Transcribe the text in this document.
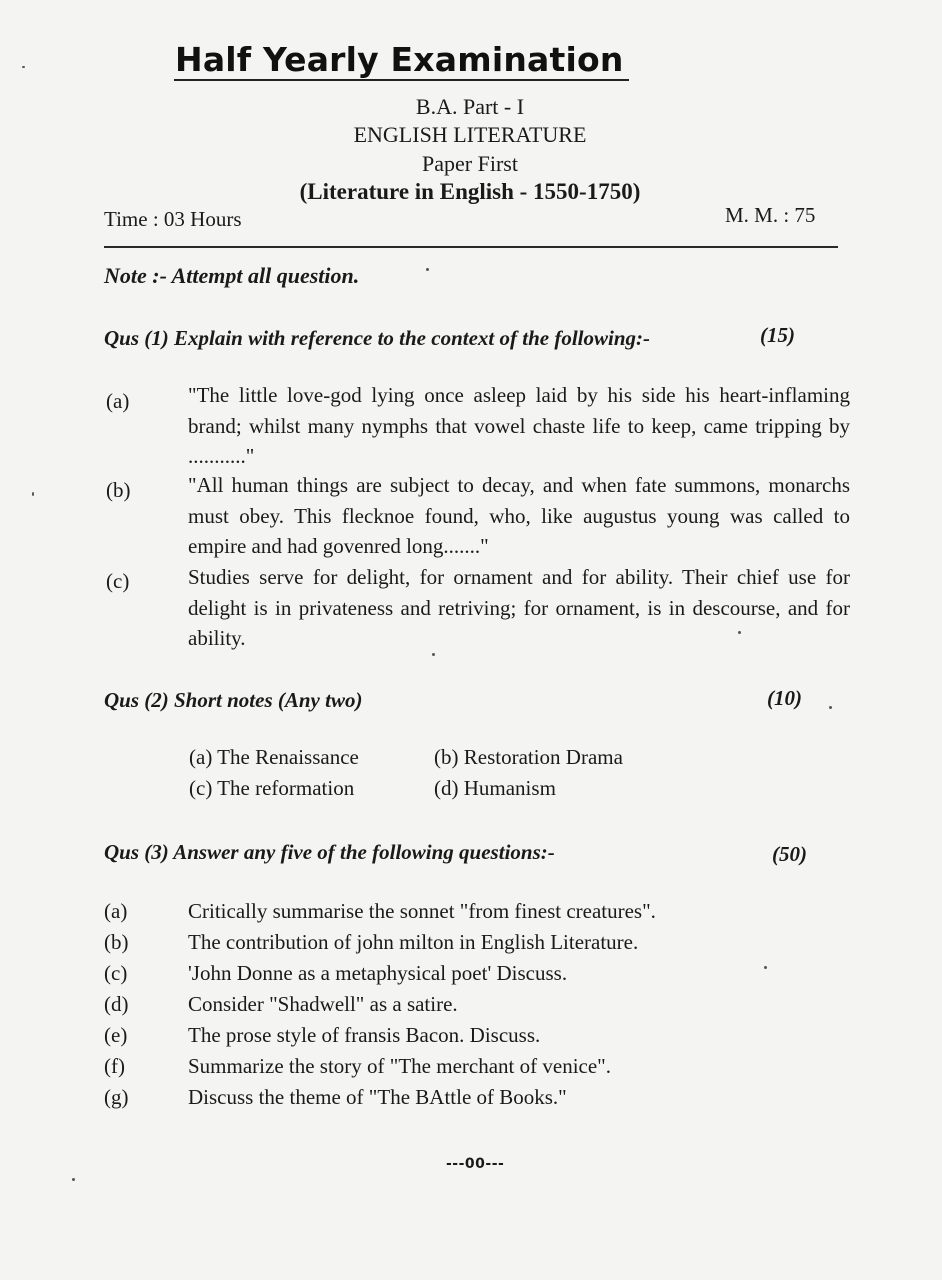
Half Yearly Examination
B.A. Part - I
ENGLISH LITERATURE
Paper First
(Literature in English - 1550-1750)
Time : 03 Hours	M. M. : 75
Note :- Attempt all question.
Qus (1) Explain with reference to the context of the following:-	(15)
(a)	"The little love-god lying once asleep laid by his side his heart-inflaming brand; whilst many nymphs that vowel chaste life to keep, came tripping by ..........."
(b)	"All human things are subject to decay, and when fate summons, monarchs must obey. This flecknoe found, who, like augustus young was called to empire and had govenred long......."
(c)	Studies serve for delight, for ornament and for ability. Their chief use for delight is in privateness and retriving; for ornament, is in descourse, and for ability.
Qus (2) Short notes (Any two)	(10)
(a) The Renaissance	(b) Restoration Drama
(c) The reformation	(d) Humanism
Qus (3) Answer any five of the following questions:-	(50)
(a)	Critically summarise the sonnet "from finest creatures".
(b)	The contribution of john milton in English Literature.
(c)	'John Donne as a metaphysical poet' Discuss.
(d)	Consider "Shadwell" as a satire.
(e)	The prose style of fransis Bacon. Discuss.
(f)	Summarize the story of "The merchant of venice".
(g)	Discuss the theme of "The BAttle of Books."
---00---
